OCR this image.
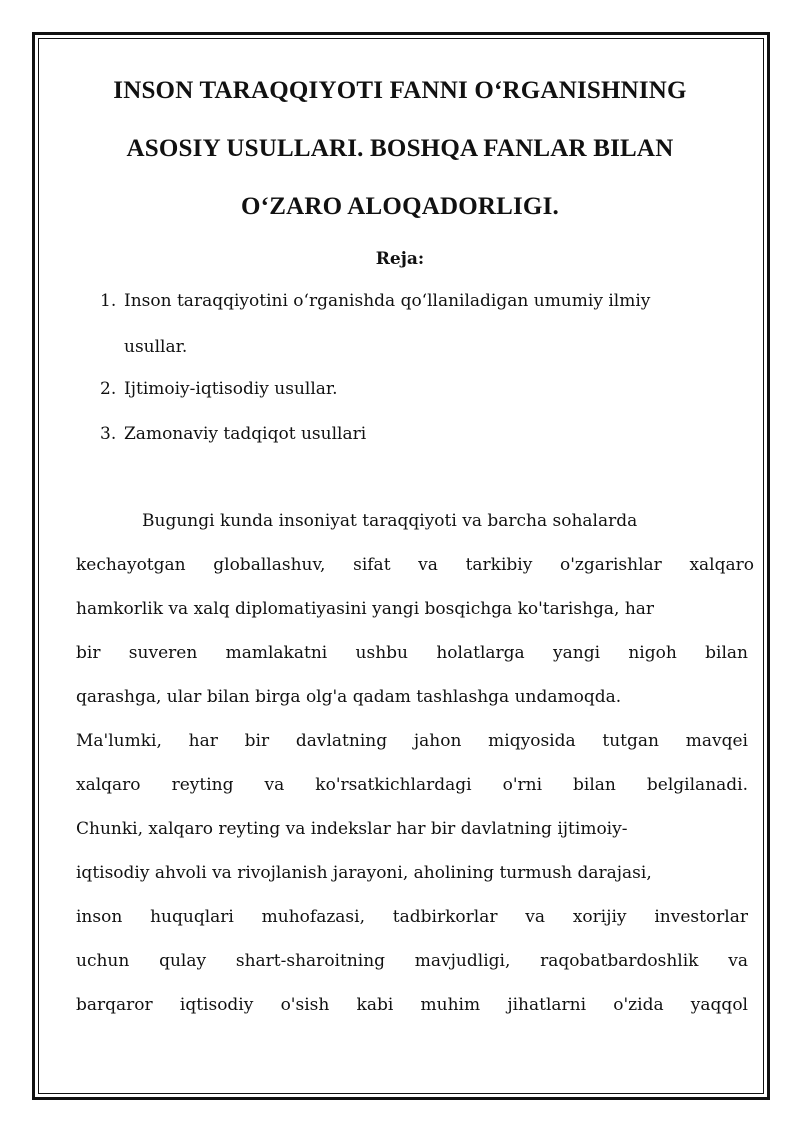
INSON TARAQQIYOTI FANNI O‘RGANISHNING
ASOSIY USULLARI. BOSHQA FANLAR BILAN
O‘ZARO ALOQADORLIGI.
Reja:
1. Inson taraqqiyotini o‘rganishda qo‘llaniladigan umumiy ilmiy
usullar.
2. Ijtimoiy-iqtisodiy usullar.
3. Zamonaviy tadqiqot usullari
Bugungi kunda insoniyat taraqqiyoti va barcha sohalarda
kechayotgan globallashuv, sifat va tarkibiy o'zgarishlar xalqaro
hamkorlik va xalq diplomatiyasini yangi bosqichga ko'tarishga, har
bir suveren mamlakatni ushbu holatlarga yangi nigoh bilan
qarashga, ular bilan birga olg'a qadam tashlashga undamoqda.
Ma'lumki, har bir davlatning jahon miqyosida tutgan mavqei
xalqaro reyting va ko'rsatkichlardagi o'rni bilan belgilanadi.
Chunki, xalqaro reyting va indekslar har bir davlatning ijtimoiy-
iqtisodiy ahvoli va rivojlanish jarayoni, aholining turmush darajasi,
inson huquqlari muhofazasi, tadbirkorlar va xorijiy investorlar
uchun qulay shart-sharoitning mavjudligi, raqobatbardoshlik va
barqaror iqtisodiy o'sish kabi muhim jihatlarni o'zida yaqqol
